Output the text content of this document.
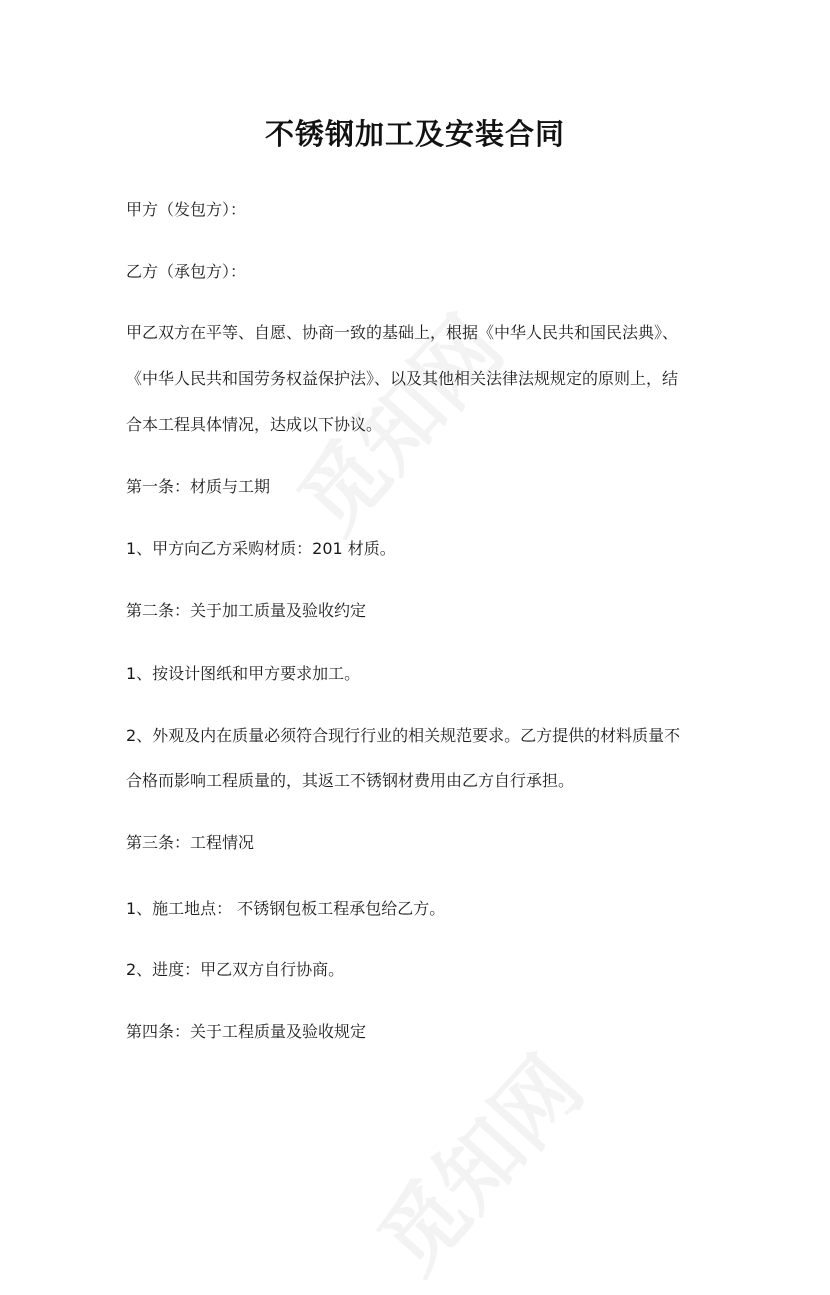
不锈钢加工及安装合同
甲方（发包方）：
乙方（承包方）：
甲乙双方在平等、自愿、协商一致的基础上，根据《中华人民共和国民法典》、
《中华人民共和国劳务权益保护法》、以及其他相关法律法规规定的原则上，结
合本工程具体情况，达成以下协议。
第一条：材质与工期
1、甲方向乙方采购材质：201 材质。
第二条：关于加工质量及验收约定
1、按设计图纸和甲方要求加工。
2、外观及内在质量必须符合现行行业的相关规范要求。乙方提供的材料质量不
合格而影响工程质量的，其返工不锈钢材费用由乙方自行承担。
第三条：工程情况
1、施工地点： 不锈钢包板工程承包给乙方。
2、进度：甲乙双方自行协商。
第四条：关于工程质量及验收规定
